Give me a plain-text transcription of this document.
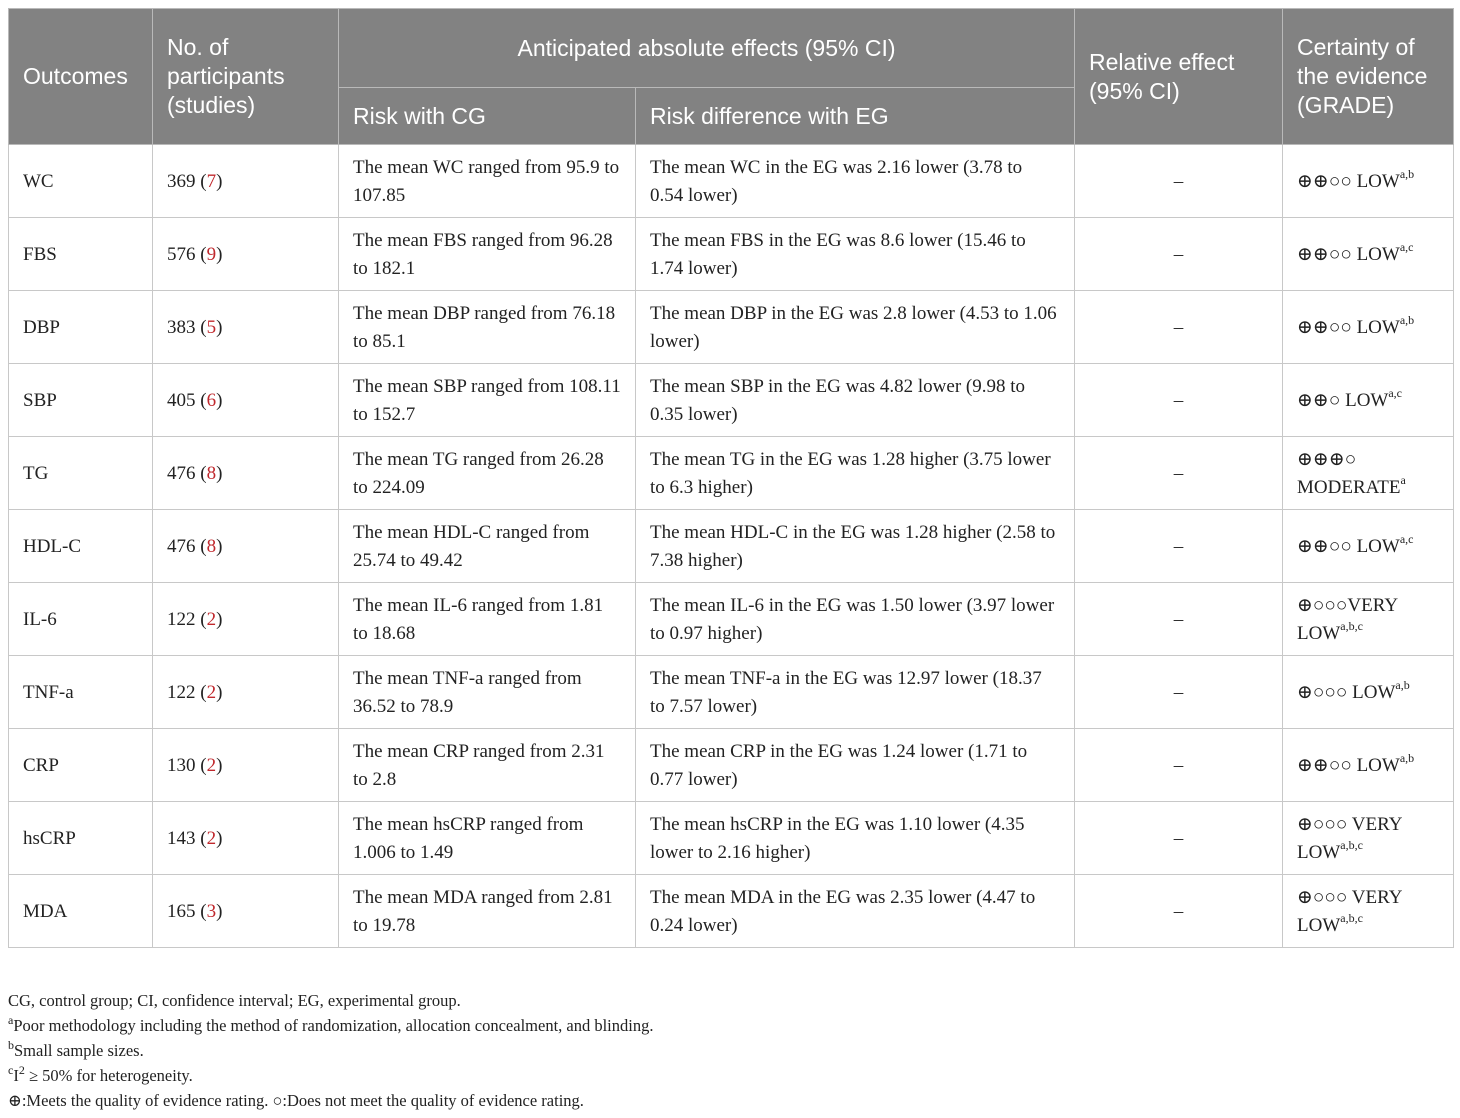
Outcomes	No. of participants (studies)	Anticipated absolute effects (95% CI)		Relative effect (95% CI)	Certainty of the evidence (GRADE)
		Risk with CG	Risk difference with EG		
WC	369 (7)	The mean WC ranged from 95.9 to 107.85	The mean WC in the EG was 2.16 lower (3.78 to 0.54 lower)	–	⊕⊕○○ LOW$^{a,b}$
FBS	576 (9)	The mean FBS ranged from 96.28 to 182.1	The mean FBS in the EG was 8.6 lower (15.46 to 1.74 lower)	–	⊕⊕○○ LOW$^{a,c}$
DBP	383 (5)	The mean DBP ranged from 76.18 to 85.1	The mean DBP in the EG was 2.8 lower (4.53 to 1.06 lower)	–	⊕⊕○○ LOW$^{a,b}$
SBP	405 (6)	The mean SBP ranged from 108.11 to 152.7	The mean SBP in the EG was 4.82 lower (9.98 to 0.35 lower)	–	⊕⊕○ LOW$^{a,c}$
TG	476 (8)	The mean TG ranged from 26.28 to 224.09	The mean TG in the EG was 1.28 higher (3.75 lower to 6.3 higher)	–	⊕⊕⊕○ MODERATE$^a$
HDL-C	476 (8)	The mean HDL-C ranged from 25.74 to 49.42	The mean HDL-C in the EG was 1.28 higher (2.58 to 7.38 higher)	–	⊕⊕○○ LOW$^{a,c}$
IL-6	122 (2)	The mean IL-6 ranged from 1.81 to 18.68	The mean IL-6 in the EG was 1.50 lower (3.97 lower to 0.97 higher)	–	⊕○○○VERY LOW$^{a,b,c}$
TNF-a	122 (2)	The mean TNF-a ranged from 36.52 to 78.9	The mean TNF-a in the EG was 12.97 lower (18.37 to 7.57 lower)	–	⊕○○○ LOW$^{a,b}$
CRP	130 (2)	The mean CRP ranged from 2.31 to 2.8	The mean CRP in the EG was 1.24 lower (1.71 to 0.77 lower)	–	⊕⊕○○ LOW$^{a,b}$
hsCRP	143 (2)	The mean hsCRP ranged from 1.006 to 1.49	The mean hsCRP in the EG was 1.10 lower (4.35 lower to 2.16 higher)	–	⊕○○○ VERY LOW$^{a,b,c}$
MDA	165 (3)	The mean MDA ranged from 2.81 to 19.78	The mean MDA in the EG was 2.35 lower (4.47 to 0.24 lower)	–	⊕○○○ VERY LOW$^{a,b,c}$
CG, control group; CI, confidence interval; EG, experimental group.
$^a$Poor methodology including the method of randomization, allocation concealment, and blinding.
$^b$Small sample sizes.
$^cI^2 \ge 50\%$ for heterogeneity.
⊕:Meets the quality of evidence rating. ○:Does not meet the quality of evidence rating.
